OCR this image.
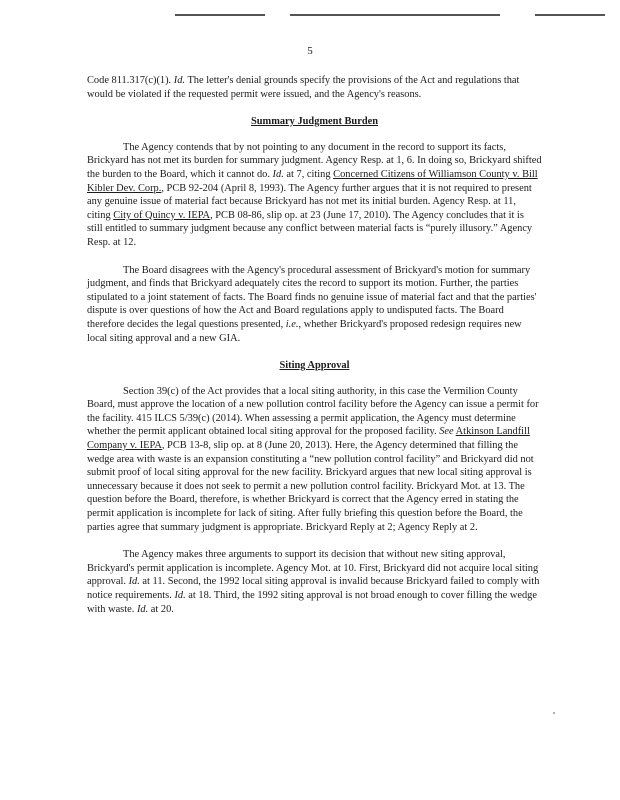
5

Code 811.317(c)(1). Id. The letter's denial grounds specify the provisions of the Act and regulations that would be violated if the requested permit were issued, and the Agency's reasons.

Summary Judgment Burden

The Agency contends that by not pointing to any document in the record to support its facts, Brickyard has not met its burden for summary judgment. Agency Resp. at 1, 6. In doing so, Brickyard shifted the burden to the Board, which it cannot do. Id. at 7, citing Concerned Citizens of Williamson County v. Bill Kibler Dev. Corp., PCB 92-204 (April 8, 1993). The Agency further argues that it is not required to present any genuine issue of material fact because Brickyard has not met its initial burden. Agency Resp. at 11, citing City of Quincy v. IEPA, PCB 08-86, slip op. at 23 (June 17, 2010). The Agency concludes that it is still entitled to summary judgment because any conflict between material facts is “purely illusory.” Agency Resp. at 12.

The Board disagrees with the Agency's procedural assessment of Brickyard's motion for summary judgment, and finds that Brickyard adequately cites the record to support its motion. Further, the parties stipulated to a joint statement of facts. The Board finds no genuine issue of material fact and that the parties' dispute is over questions of how the Act and Board regulations apply to undisputed facts. The Board therefore decides the legal questions presented, i.e., whether Brickyard's proposed redesign requires new local siting approval and a new GIA.

Siting Approval

Section 39(c) of the Act provides that a local siting authority, in this case the Vermilion County Board, must approve the location of a new pollution control facility before the Agency can issue a permit for the facility. 415 ILCS 5/39(c) (2014). When assessing a permit application, the Agency must determine whether the permit applicant obtained local siting approval for the proposed facility. See Atkinson Landfill Company v. IEPA, PCB 13-8, slip op. at 8 (June 20, 2013). Here, the Agency determined that filling the wedge area with waste is an expansion constituting a “new pollution control facility” and Brickyard did not submit proof of local siting approval for the new facility. Brickyard argues that new local siting approval is unnecessary because it does not seek to permit a new pollution control facility. Brickyard Mot. at 13. The question before the Board, therefore, is whether Brickyard is correct that the Agency erred in stating the permit application is incomplete for lack of siting. After fully briefing this question before the Board, the parties agree that summary judgment is appropriate. Brickyard Reply at 2; Agency Reply at 2.

The Agency makes three arguments to support its decision that without new siting approval, Brickyard's permit application is incomplete. Agency Mot. at 10. First, Brickyard did not acquire local siting approval. Id. at 11. Second, the 1992 local siting approval is invalid because Brickyard failed to comply with notice requirements. Id. at 18. Third, the 1992 siting approval is not broad enough to cover filling the wedge with waste. Id. at 20.
